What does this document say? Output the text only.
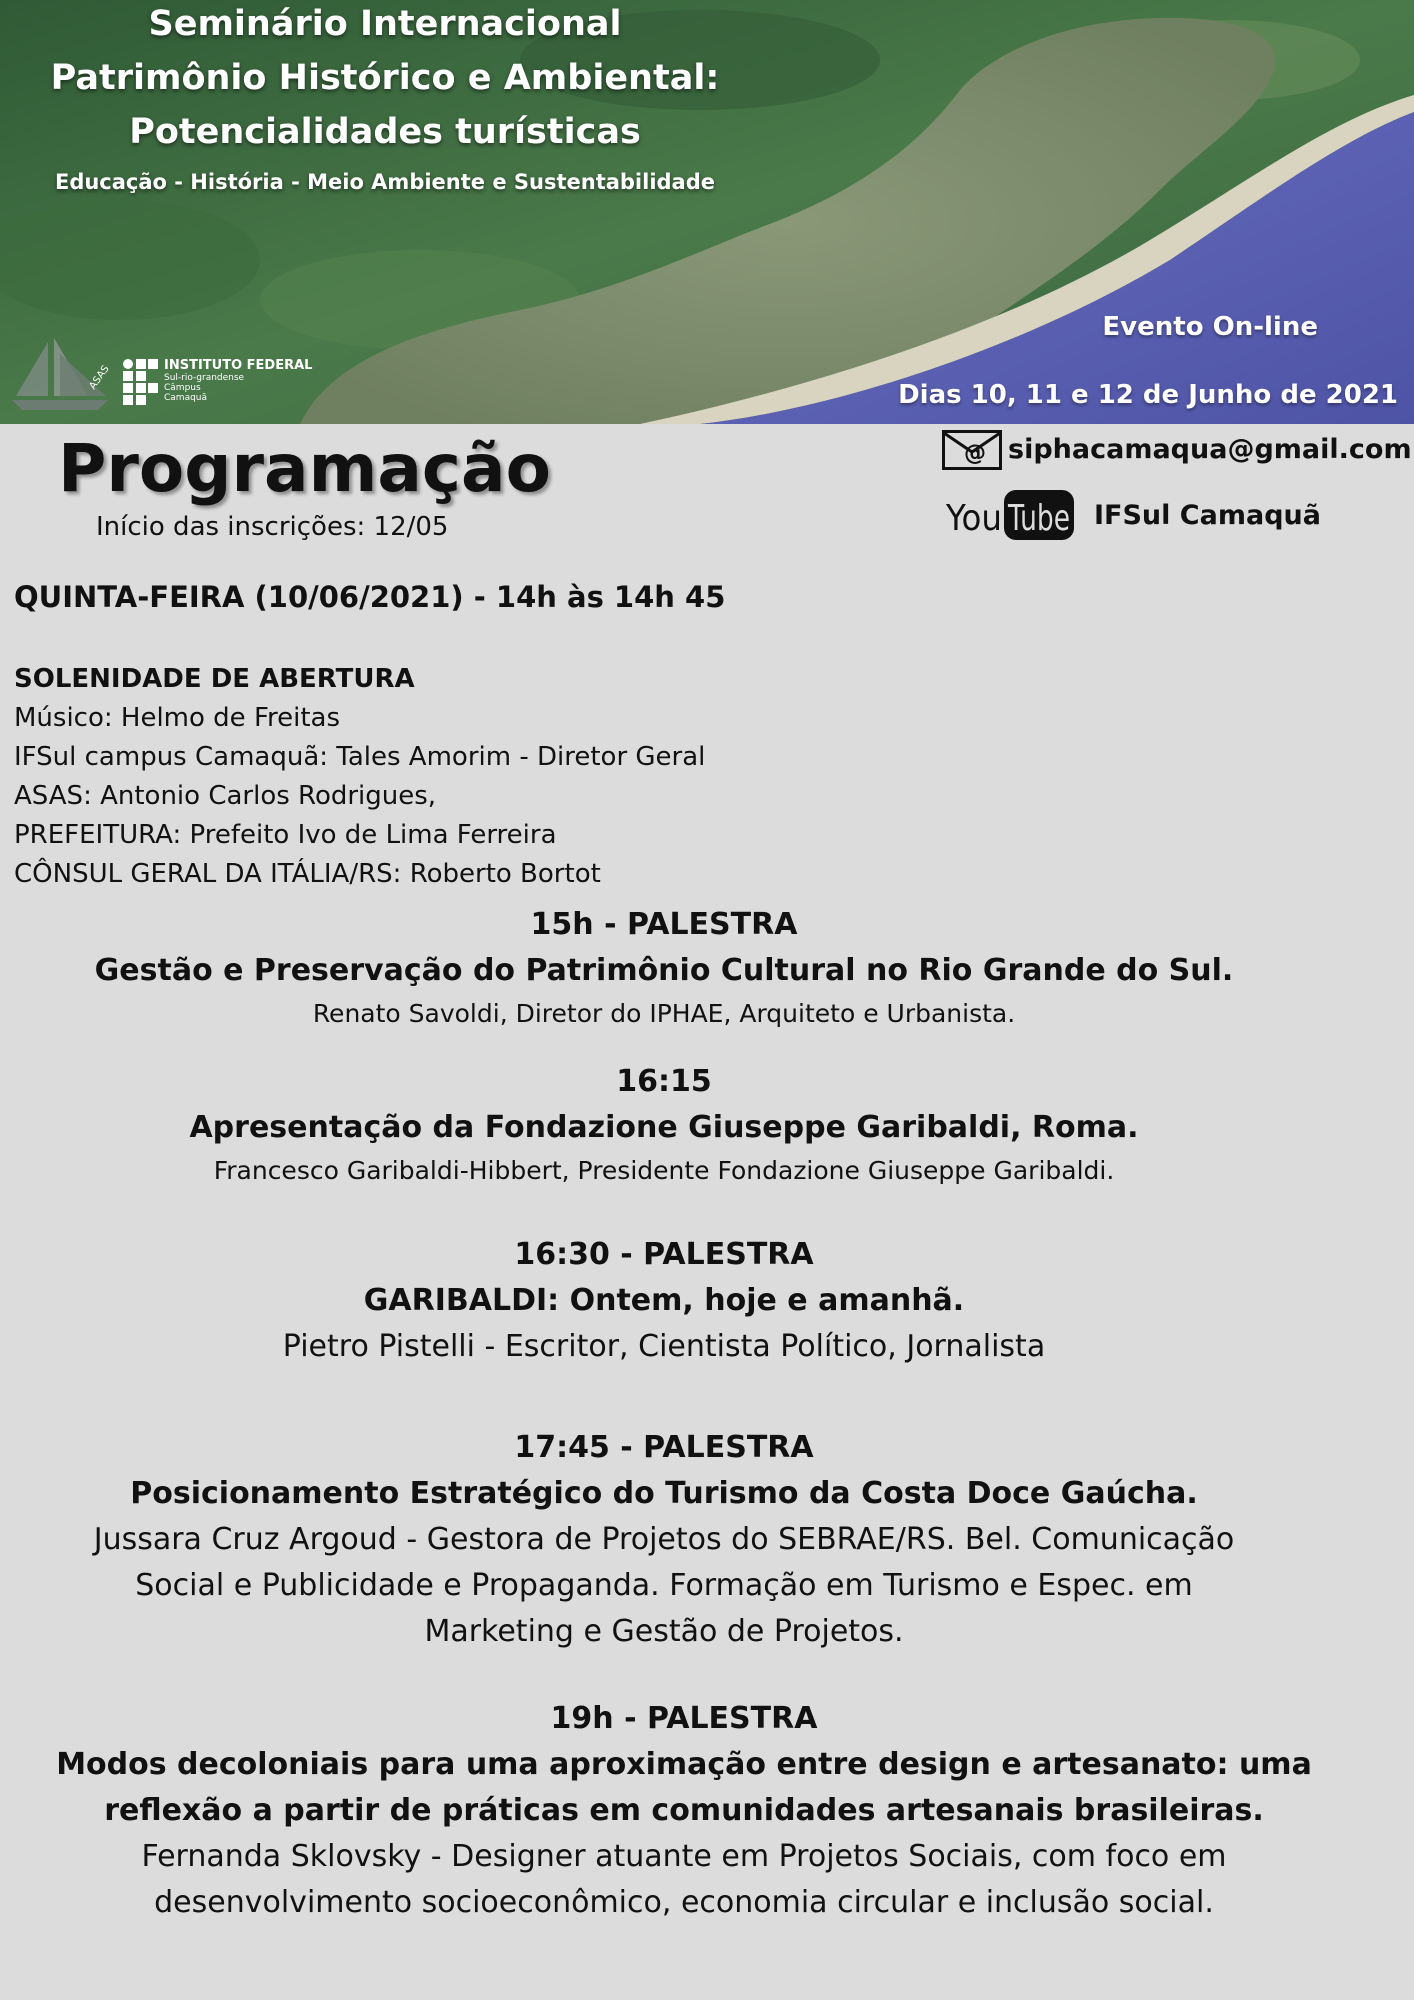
Seminário Internacional
Patrimônio Histórico e Ambiental:
Potencialidades turísticas
Educação - História - Meio Ambiente e Sustentabilidade
ASAS	INSTITUTO FEDERAL
Sul-rio-grandense
Câmpus
Camaquã
Evento On-line
Dias 10, 11 e 12 de Junho de 2021
Programação
Início das inscrições: 12/05
@ siphacamaqua@gmail.com
You Tube IFSul Camaquã
QUINTA-FEIRA (10/06/2021) - 14h às 14h 45
SOLENIDADE DE ABERTURA
Músico: Helmo de Freitas
IFSul campus Camaquã: Tales Amorim - Diretor Geral
ASAS: Antonio Carlos Rodrigues,
PREFEITURA: Prefeito Ivo de Lima Ferreira
CÔNSUL GERAL DA ITÁLIA/RS: Roberto Bortot
15h - PALESTRA
Gestão e Preservação do Patrimônio Cultural no Rio Grande do Sul.
Renato Savoldi, Diretor do IPHAE, Arquiteto e Urbanista.
16:15
Apresentação da Fondazione Giuseppe Garibaldi, Roma.
Francesco Garibaldi-Hibbert, Presidente Fondazione Giuseppe Garibaldi.
16:30 - PALESTRA
GARIBALDI: Ontem, hoje e amanhã.
Pietro Pistelli - Escritor, Cientista Político, Jornalista
17:45 - PALESTRA
Posicionamento Estratégico do Turismo da Costa Doce Gaúcha.
Jussara Cruz Argoud - Gestora de Projetos do SEBRAE/RS. Bel. Comunicação
Social e Publicidade e Propaganda. Formação em Turismo e Espec. em
Marketing e Gestão de Projetos.
19h - PALESTRA
Modos decoloniais para uma aproximação entre design e artesanato: uma
reflexão a partir de práticas em comunidades artesanais brasileiras.
Fernanda Sklovsky - Designer atuante em Projetos Sociais, com foco em
desenvolvimento socioeconômico, economia circular e inclusão social.
